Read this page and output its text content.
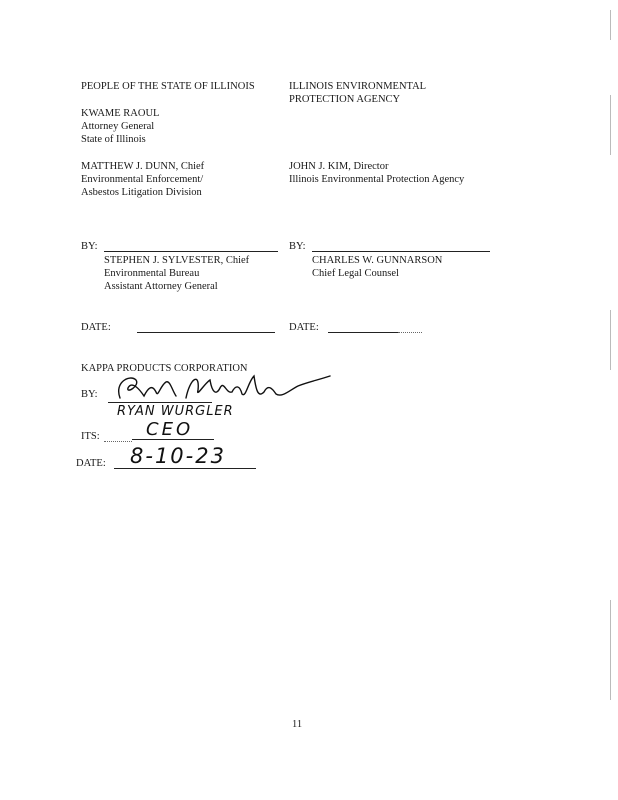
PEOPLE OF THE STATE OF ILLINOIS
KWAME RAOUL
Attorney General
State of Illinois
MATTHEW J. DUNN, Chief
Environmental Enforcement/
Asbestos Litigation Division
BY:
STEPHEN J. SYLVESTER, Chief
Environmental Bureau
Assistant Attorney General
DATE:
ILLINOIS ENVIRONMENTAL
PROTECTION AGENCY
JOHN J. KIM, Director
Illinois Environmental Protection Agency
BY:
CHARLES W. GUNNARSON
Chief Legal Counsel
DATE:
KAPPA PRODUCTS CORPORATION
BY:
RYAN WURGLER
ITS:	CEO
DATE: 8-10-23
11
